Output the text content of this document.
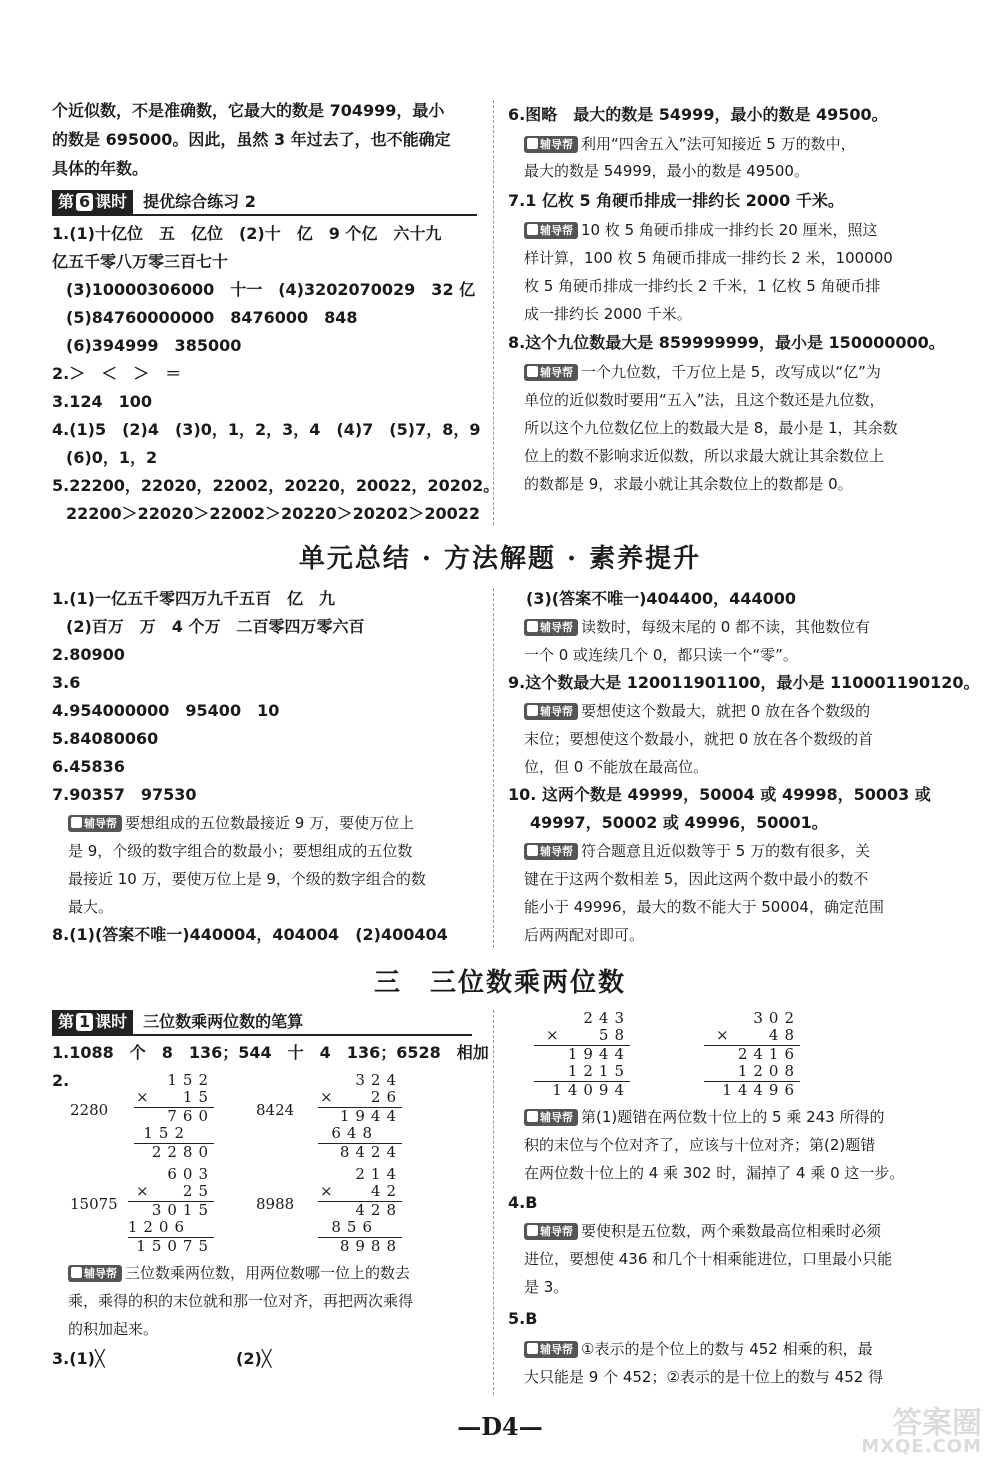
个近似数，不是准确数，它最大的数是 704999，最小
的数是 695000。因此，虽然 3 年过去了，也不能确定
具体的年数。
第 6 课时 提优综合练习 2
1.(1)十亿位　五　亿位　(2)十　亿　9 个亿　六十九
亿五千零八万零三百七十
(3)10000306000　十一　(4)3202070029　32 亿
(5)84760000000　8476000　848
(6)394999　385000
2.＞　＜　＞　＝
3.124　100
4.(1)5　(2)4　(3)0，1，2，3，4　(4)7　(5)7，8，9
(6)0，1，2
5.22200，22020，22002，20220，20022，20202。
22200＞22020＞22002＞20220＞20202＞20022
6.图略　最大的数是 54999，最小的数是 49500。
辅导帮 利用“四舍五入”法可知接近 5 万的数中，
最大的数是 54999，最小的数是 49500。
7.1 亿枚 5 角硬币排成一排约长 2000 千米。
辅导帮 10 枚 5 角硬币排成一排约长 20 厘米，照这
样计算，100 枚 5 角硬币排成一排约长 2 米，100000
枚 5 角硬币排成一排约长 2 千米，1 亿枚 5 角硬币排
成一排约长 2000 千米。
8.这个九位数最大是 859999999，最小是 150000000。
辅导帮 一个九位数，千万位上是 5，改写成以“亿”为
单位的近似数时要用“五入”法，且这个数还是九位数，
所以这个九位数亿位上的数最大是 8，最小是 1，其余数
位上的数不影响求近似数，所以求最大就让其余数位上
的数都是 9，求最小就让其余数位上的数都是 0。
单元总结 · 方法解题 · 素养提升
1.(1)一亿五千零四万九千五百　亿　九
(2)百万　万　4 个万　二百零四万零六百
2.80900
3.6
4.954000000　95400　10
5.84080060
6.45836
7.90357　97530
辅导帮 要想组成的五位数最接近 9 万，要使万位上
是 9，个级的数字组合的数最小；要想组成的五位数
最接近 10 万，要使万位上是 9，个级的数字组合的数
最大。
8.(1)(答案不唯一)440004，404004　(2)400404
(3)(答案不唯一)404400，444000
辅导帮 读数时，每级末尾的 0 都不读，其他数位有
一个 0 或连续几个 0，都只读一个“零”。
9.这个数最大是 120011901100，最小是 110001190120。
辅导帮 要想使这个数最大，就把 0 放在各个数级的
末位；要想使这个数最小，就把 0 放在各个数级的首
位，但 0 不能放在最高位。
10. 这两个数是 49999，50004 或 49998，50003 或
49997，50002 或 49996，50001。
辅导帮 符合题意且近似数等于 5 万的数有很多，关
键在于这两个数相差 5，因此这两个数中最小的数不
能小于 49996，最大的数不能大于 50004，确定范围
后两两配对即可。
三　三位数乘两位数
第 1 课时 三位数乘两位数的笔算
1.1088　个　8　136；544　十　4　136；6528　相加
2.
2280
152
× 15
760
152
2280
8424
324
×	26
1944
648
8424
15075
603
× 25
3015
1206
15075
8988
214
×	42
428
856
8988
辅导帮 三位数乘两位数，用两位数哪一位上的数去
乘，乘得的积的末位就和那一位对齐，再把两次乘得
的积加起来。
3.(1)╳	(2)╳
243
×	58
1944
1215
14094
302
×	48
2416
1208
14496
辅导帮 第(1)题错在两位数十位上的 5 乘 243 所得的
积的末位与个位对齐了，应该与十位对齐；第(2)题错
在两位数十位上的 4 乘 302 时，漏掉了 4 乘 0 这一步。
4.B
辅导帮 要使积是五位数，两个乘数最高位相乘时必须
进位，要想使 436 和几个十相乘能进位，口里最小只能
是 3。
5.B
辅导帮 ①表示的是个位上的数与 452 相乘的积，最
大只能是 9 个 452；②表示的是十位上的数与 452 得
—D4—	答案圈
MXQE.COM
